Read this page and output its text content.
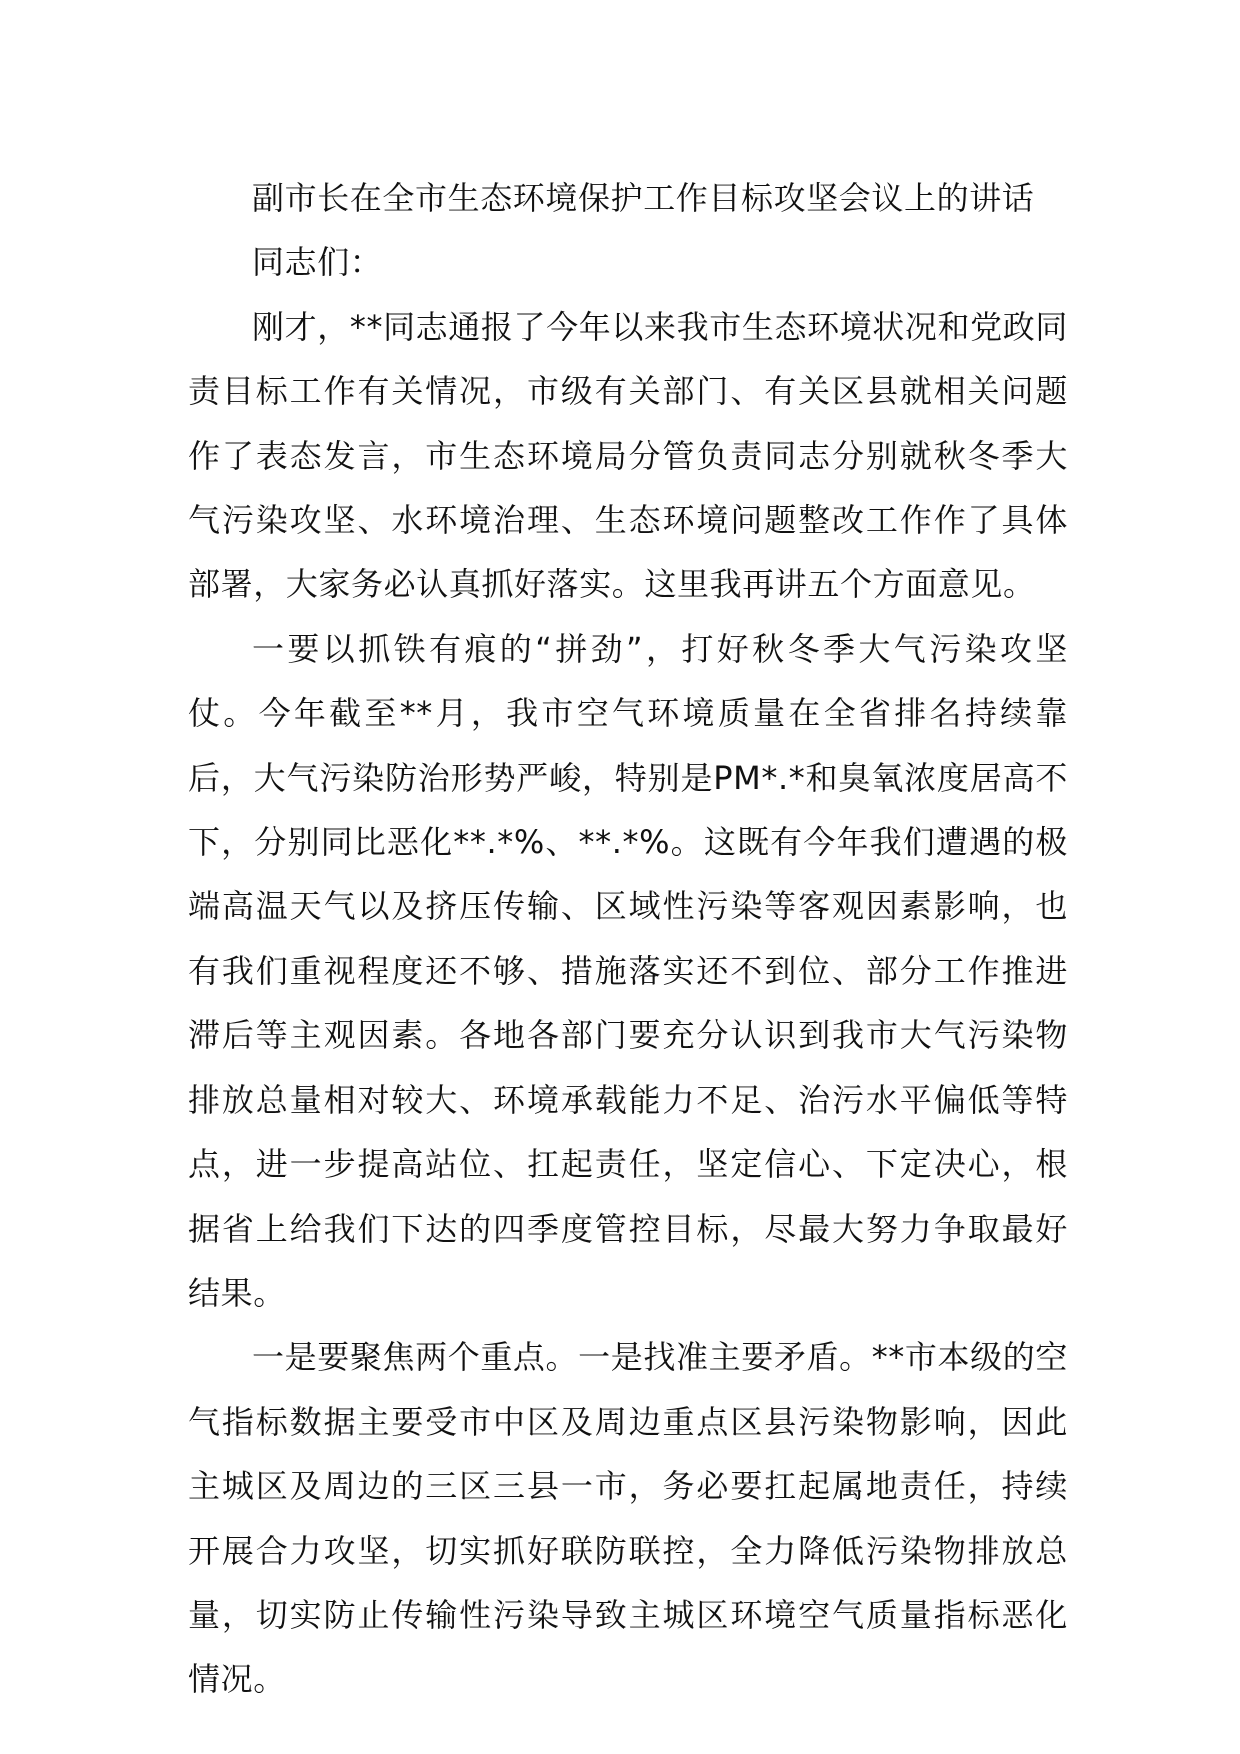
副市长在全市生态环境保护工作目标攻坚会议上的讲话

同志们：

刚才，**同志通报了今年以来我市生态环境状况和党政同责目标工作有关情况，市级有关部门、有关区县就相关问题作了表态发言，市生态环境局分管负责同志分别就秋冬季大气污染攻坚、水环境治理、生态环境问题整改工作作了具体部署，大家务必认真抓好落实。这里我再讲五个方面意见。

一要以抓铁有痕的“拼劲”，打好秋冬季大气污染攻坚仗。今年截至**月，我市空气环境质量在全省排名持续靠后，大气污染防治形势严峻，特别是PM*.*和臭氧浓度居高不下，分别同比恶化**.*%、**.*%。这既有今年我们遭遇的极端高温天气以及挤压传输、区域性污染等客观因素影响，也有我们重视程度还不够、措施落实还不到位、部分工作推进滞后等主观因素。各地各部门要充分认识到我市大气污染物排放总量相对较大、环境承载能力不足、治污水平偏低等特点，进一步提高站位、扛起责任，坚定信心、下定决心，根据省上给我们下达的四季度管控目标，尽最大努力争取最好结果。

一是要聚焦两个重点。一是找准主要矛盾。**市本级的空气指标数据主要受市中区及周边重点区县污染物影响，因此主城区及周边的三区三县一市，务必要扛起属地责任，持续开展合力攻坚，切实抓好联防联控，全力降低污染物排放总量，切实防止传输性污染导致主城区环境空气质量指标恶化情况。
